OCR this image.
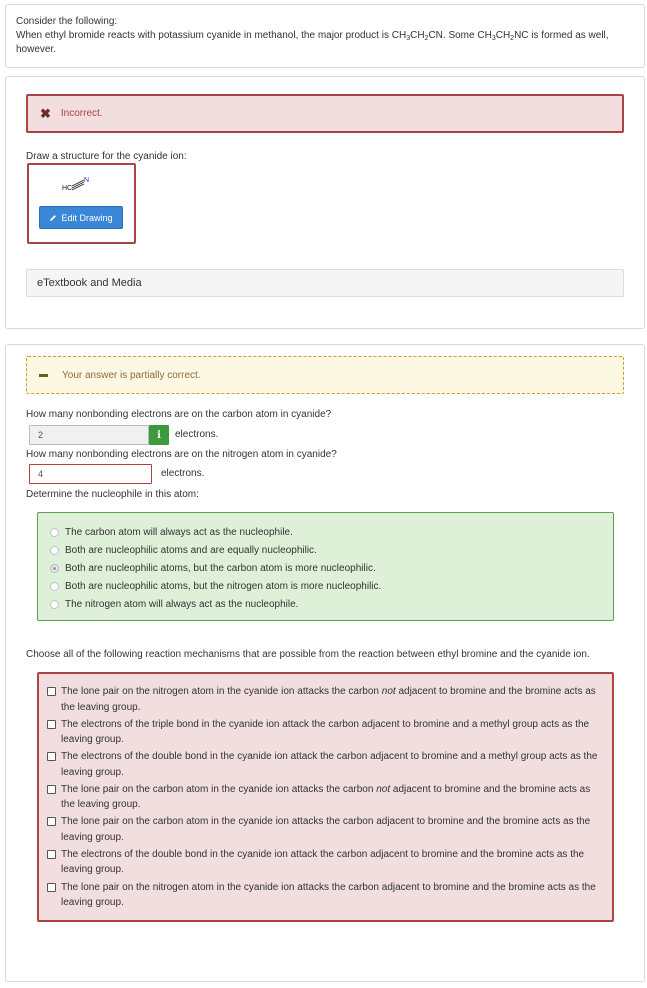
Consider the following:
When ethyl bromide reacts with potassium cyanide in methanol, the major product is $CH_3CH_2CN$. Some $CH_3CH_2NC$ is formed as well,
however.
✖ Incorrect.
Draw a structure for the cyanide ion:
HC
N
Edit Drawing
eTextbook and Media
Your answer is partially correct.
How many nonbonding electrons are on the carbon atom in cyanide?
2	i	electrons.
How many nonbonding electrons are on the nitrogen atom in cyanide?
4	electrons.
Determine the nucleophile in this atom:
The carbon atom will always act as the nucleophile.
Both are nucleophilic atoms and are equally nucleophilic.
Both are nucleophilic atoms, but the carbon atom is more nucleophilic.
Both are nucleophilic atoms, but the nitrogen atom is more nucleophilic.
The nitrogen atom will always act as the nucleophile.
Choose all of the following reaction mechanisms that are possible from the reaction between ethyl bromine and the cyanide ion.
The lone pair on the nitrogen atom in the cyanide ion attacks the carbon not adjacent to bromine and the bromine acts as the leaving group.
The electrons of the triple bond in the cyanide ion attack the carbon adjacent to bromine and a methyl group acts as the leaving group.
The electrons of the double bond in the cyanide ion attack the carbon adjacent to bromine and a methyl group acts as the leaving group.
The lone pair on the carbon atom in the cyanide ion attacks the carbon not adjacent to bromine and the bromine acts as the leaving group.
The lone pair on the carbon atom in the cyanide ion attacks the carbon adjacent to bromine and the bromine acts as the leaving group.
The electrons of the double bond in the cyanide ion attack the carbon adjacent to bromine and the bromine acts as the leaving group.
The lone pair on the nitrogen atom in the cyanide ion attacks the carbon adjacent to bromine and the bromine acts as the leaving group.
